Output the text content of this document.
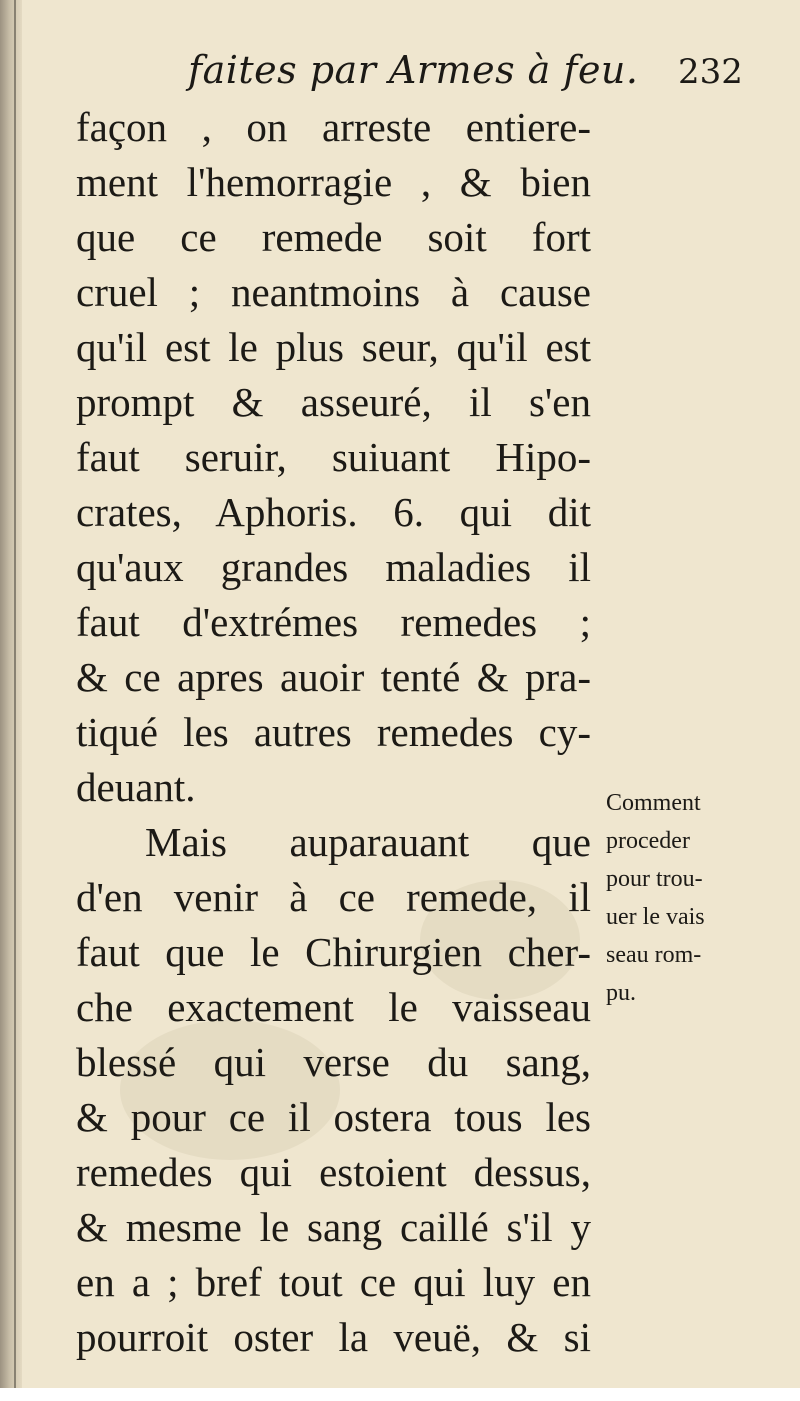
faites par Armes à feu. 232
façon , on arreste entiere-
ment l'hemorragie , & bien
que ce remede soit fort
cruel ; neantmoins à cause
qu'il est le plus seur, qu'il est
prompt & asseuré, il s'en
faut seruir, suiuant Hipo-
crates, Aphoris. 6. qui dit
qu'aux grandes maladies il
faut d'extrémes remedes ;
& ce apres auoir tenté & pra-
tiqué les autres remedes cy-
deuant.
Mais auparauant que
d'en venir à ce remede, il
faut que le Chirurgien cher-
che exactement le vaisseau
blessé qui verse du sang,
& pour ce il ostera tous les
remedes qui estoient dessus,
& mesme le sang caillé s'il y
en a ; bref tout ce qui luy en
pourroit oster la veuë, & si
Comment
proceder
pour trou-
uer le vais
seau rom-
pu.
